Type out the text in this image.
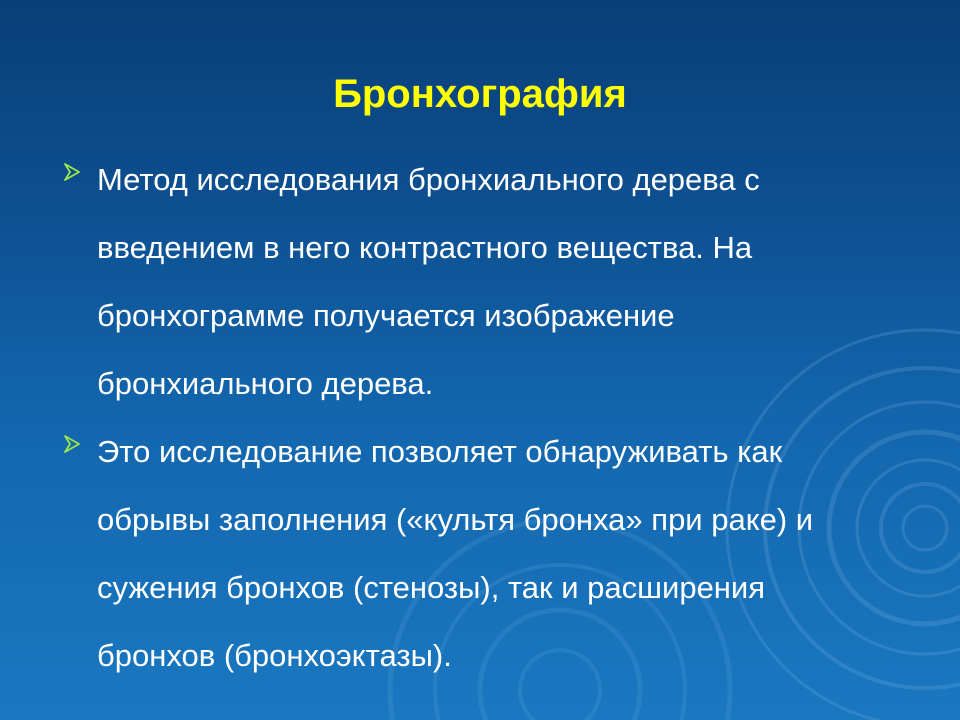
Бронхография
Метод исследования бронхиального дерева с введением в него контрастного вещества. На бронхограмме получается изображение бронхиального дерева.
Это исследование позволяет обнаруживать как обрывы заполнения («культя бронха» при раке) и сужения бронхов (стенозы), так и расширения бронхов (бронхоэктазы).
